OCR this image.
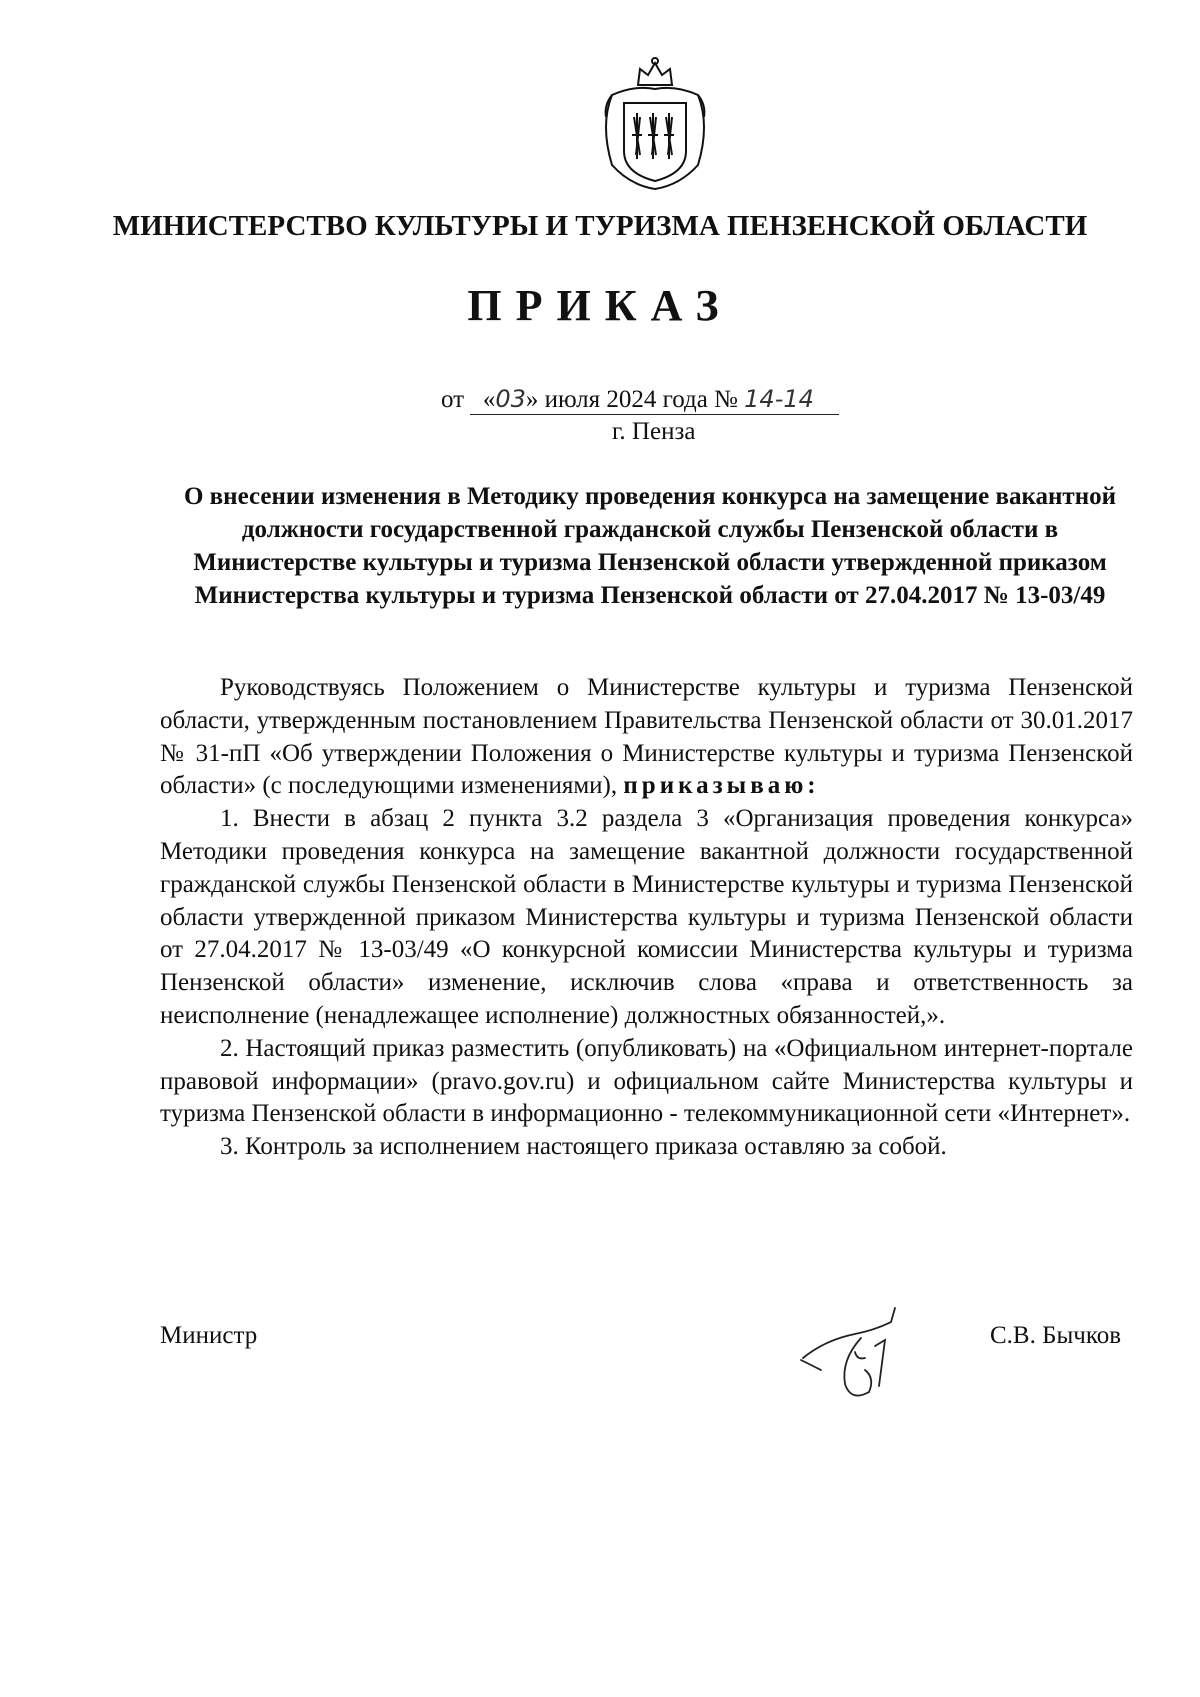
МИНИСТЕРСТВО КУЛЬТУРЫ И ТУРИЗМА ПЕНЗЕНСКОЙ ОБЛАСТИ
ПРИКАЗ
от «03» июля 2024 года № 14-14
г. Пенза
О внесении изменения в Методику проведения конкурса на замещение вакантной должности государственной гражданской службы Пензенской области в Министерстве культуры и туризма Пензенской области утвержденной приказом Министерства культуры и туризма Пензенской области от 27.04.2017 № 13-03/49

Руководствуясь Положением о Министерстве культуры и туризма Пензенской области, утвержденным постановлением Правительства Пензенской области от 30.01.2017 № 31-пП «Об утверждении Положения о Министерстве культуры и туризма Пензенской области» (с последующими изменениями), приказываю:

1. Внести в абзац 2 пункта 3.2 раздела 3 «Организация проведения конкурса» Методики проведения конкурса на замещение вакантной должности государственной гражданской службы Пензенской области в Министерстве культуры и туризма Пензенской области утвержденной приказом Министерства культуры и туризма Пензенской области от 27.04.2017 № 13-03/49 «О конкурсной комиссии Министерства культуры и туризма Пензенской области» изменение, исключив слова «права и ответственность за неисполнение (ненадлежащее исполнение) должностных обязанностей,».

2. Настоящий приказ разместить (опубликовать) на «Официальном интернет-портале правовой информации» (pravo.gov.ru) и официальном сайте Министерства культуры и туризма Пензенской области в информационно - телекоммуникационной сети «Интернет».

3. Контроль за исполнением настоящего приказа оставляю за собой.

Министр	С.В. Бычков
